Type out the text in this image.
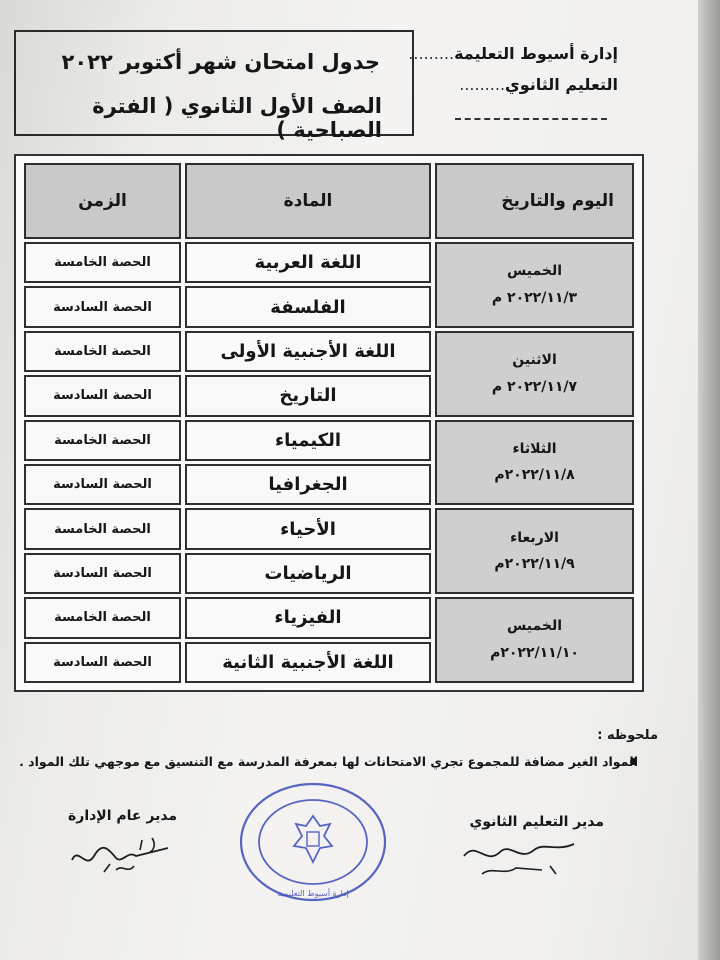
جدول امتحان شهر أكتوبر ٢٠٢٢
الصف الأول الثانوي ( الفترة الصباحية )
إدارة أسيوط التعليمة.........
التعليم الثانوي.........
اليوم والتاريخ	المادة	الزمن

الخميس
٢٠٢٢/١١/٣ م	اللغة العربية	الحصة الخامسة
	الفلسفة	الحصة السادسة

الاثنين
٢٠٢٢/١١/٧ م	اللغة الأجنبية الأولى	الحصة الخامسة
	التاريخ	الحصة السادسة

الثلاثاء
٢٠٢٢/١١/٨م	الكيمياء	الحصة الخامسة
	الجغرافيا	الحصة السادسة

الاربعاء
٢٠٢٢/١١/٩م	الأحياء	الحصة الخامسة
	الرياضيات	الحصة السادسة

الخميس
٢٠٢٢/١١/١٠م	الفيزياء	الحصة الخامسة
	اللغة الأجنبية الثانية	الحصة السادسة
ملحوظه :
المواد الغير مضافة للمجموع تجري الامتحانات لها بمعرفة المدرسة مع التنسيق مع موجهي تلك المواد .
مدير عام الإدارة	مدير التعليم الثانوي
إدارة أسيوط التعليمية
